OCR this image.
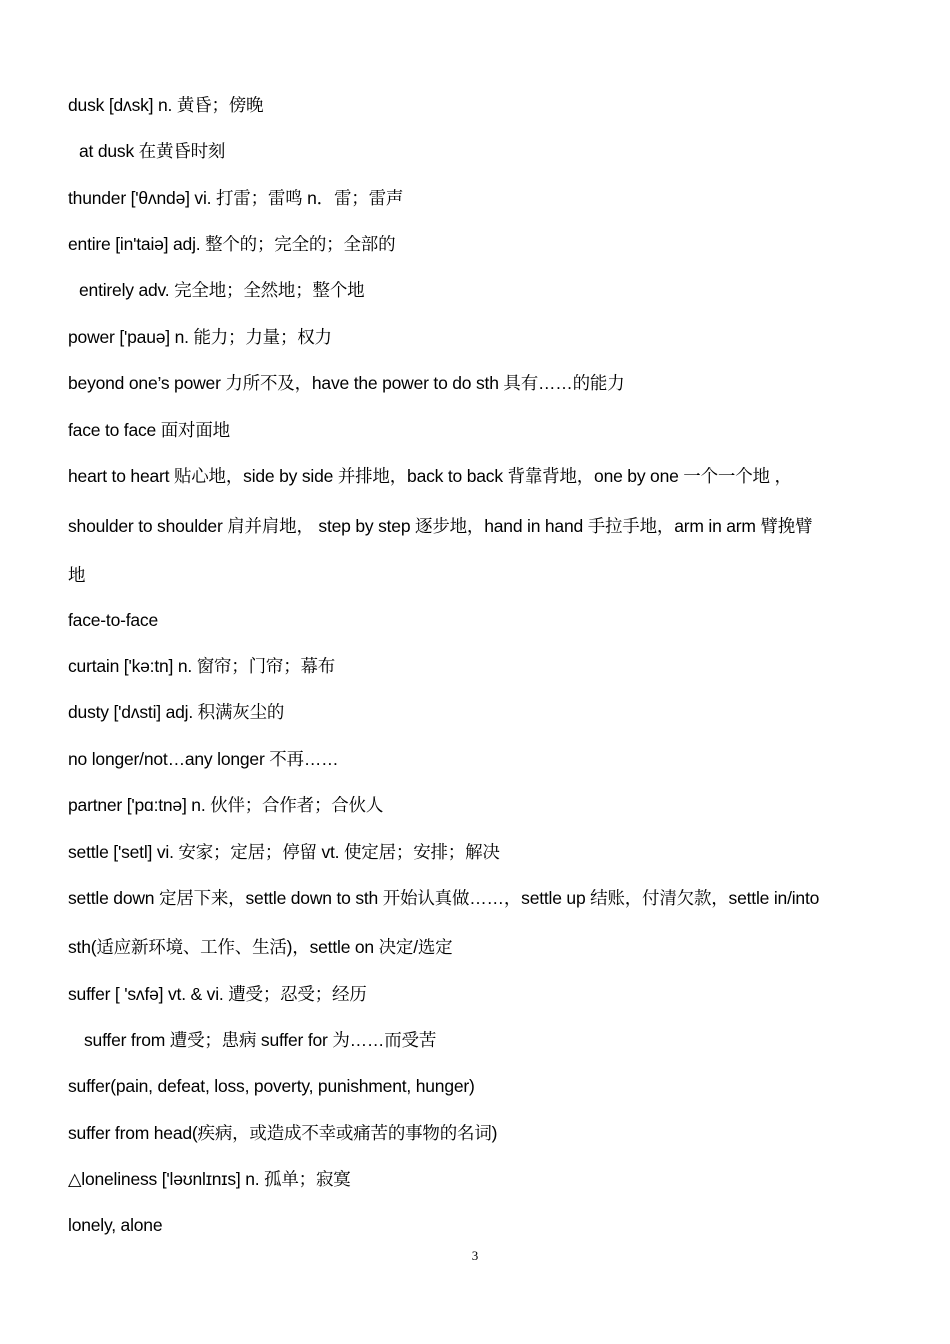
dusk [dʌsk] n. 黄昏；傍晚
at dusk 在黄昏时刻
thunder ['θʌndə] vi. 打雷；雷鸣 n．雷；雷声
entire [in'taiə] adj. 整个的；完全的；全部的
entirely adv. 完全地；全然地；整个地
power ['pauə] n. 能力；力量；权力
beyond one’s power 力所不及，have the power to do sth 具有……的能力
face to face 面对面地
heart to heart 贴心地，side by side 并排地，back to back 背靠背地，one by one 一个一个地 ，
shoulder to shoulder 肩并肩地， step by step 逐步地，hand in hand 手拉手地，arm in arm 臂挽臂
地
face-to-face
curtain ['kə:tn] n. 窗帘；门帘；幕布
dusty ['dʌsti] adj. 积满灰尘的
no longer/not…any longer 不再……
partner ['pɑ:tnə] n. 伙伴；合作者；合伙人
settle ['setl] vi. 安家；定居；停留 vt. 使定居；安排；解决
settle down 定居下来，settle down to sth 开始认真做……，settle up 结账，付清欠款，settle in/into
sth(适应新环境、工作、生活)，settle on 决定/选定
suffer [ 'sʌfə] vt. & vi. 遭受；忍受；经历
suffer from 遭受；患病 suffer for 为……而受苦
suffer(pain, defeat, loss, poverty, punishment, hunger)
suffer from head(疾病，或造成不幸或痛苦的事物的名词)
△loneliness ['ləʊnlɪnɪs] n. 孤单；寂寞
lonely, alone
3
